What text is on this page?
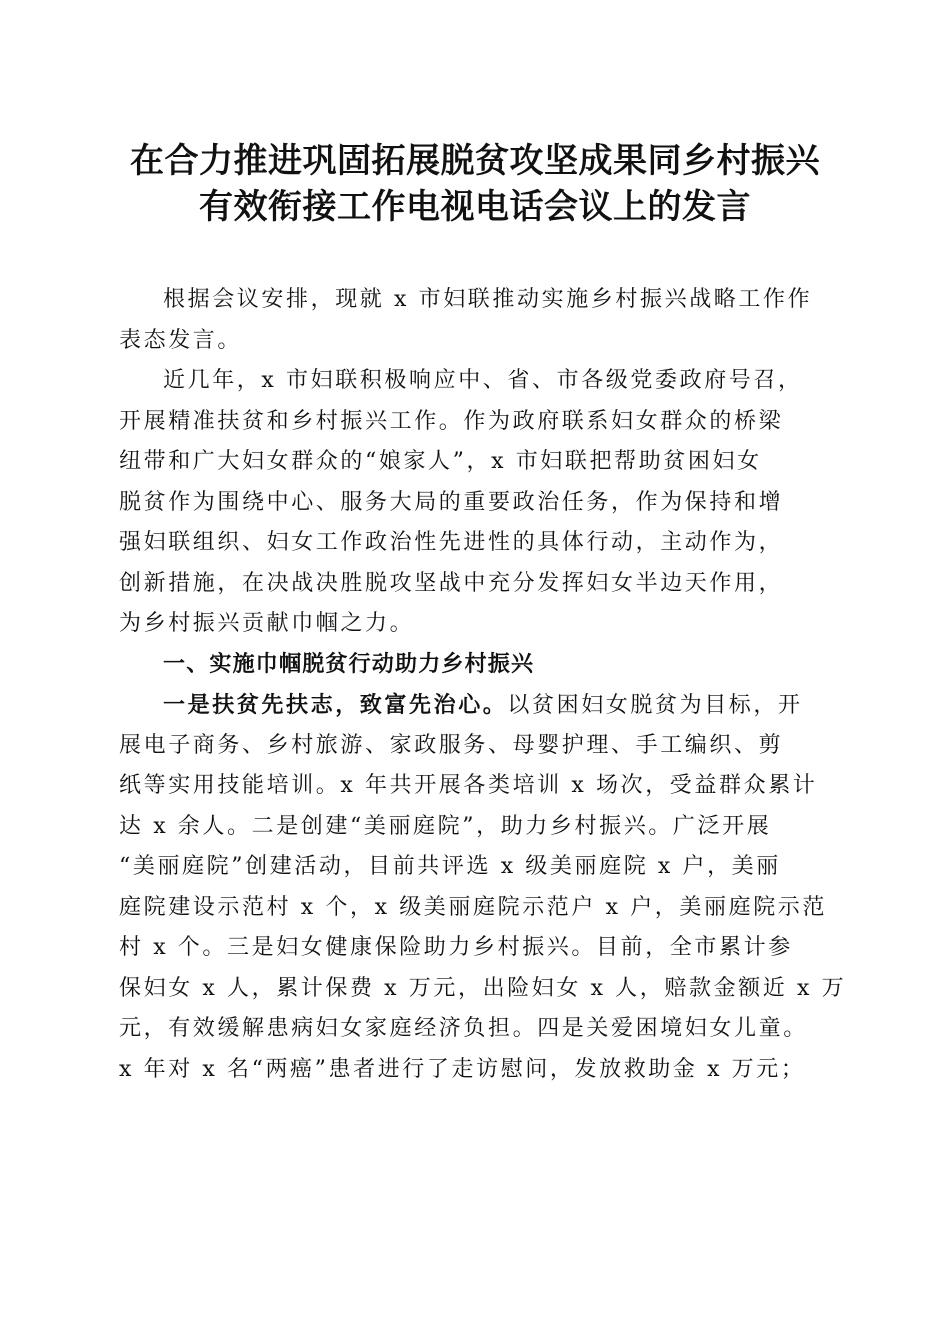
在合力推进巩固拓展脱贫攻坚成果同乡村振兴
有效衔接工作电视电话会议上的发言
根据会议安排，现就 x 市妇联推动实施乡村振兴战略工作作
表态发言。
近几年，x 市妇联积极响应中、省、市各级党委政府号召，
开展精准扶贫和乡村振兴工作。作为政府联系妇女群众的桥梁
纽带和广大妇女群众的“娘家人”，x 市妇联把帮助贫困妇女
脱贫作为围绕中心、服务大局的重要政治任务，作为保持和增
强妇联组织、妇女工作政治性先进性的具体行动，主动作为，
创新措施，在决战决胜脱攻坚战中充分发挥妇女半边天作用，
为乡村振兴贡献巾帼之力。
一、实施巾帼脱贫行动助力乡村振兴
一是扶贫先扶志，致富先治心。以贫困妇女脱贫为目标，开
展电子商务、乡村旅游、家政服务、母婴护理、手工编织、剪
纸等实用技能培训。x 年共开展各类培训 x 场次，受益群众累计
达 x 余人。二是创建“美丽庭院”，助力乡村振兴。广泛开展
“美丽庭院”创建活动，目前共评选 x 级美丽庭院 x 户，美丽
庭院建设示范村 x 个，x 级美丽庭院示范户 x 户，美丽庭院示范
村 x 个。三是妇女健康保险助力乡村振兴。目前，全市累计参
保妇女 x 人，累计保费 x 万元，出险妇女 x 人，赔款金额近 x 万
元，有效缓解患病妇女家庭经济负担。四是关爱困境妇女儿童。
x 年对 x 名“两癌”患者进行了走访慰问，发放救助金 x 万元；
